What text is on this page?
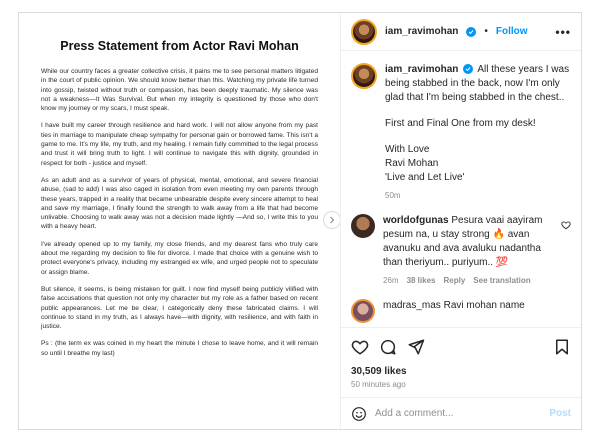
Press Statement from Actor Ravi Mohan

While our country faces a greater collective crisis, it pains me to see personal matters litigated in the court of public opinion. We should know better than this. Watching my private life turned into gossip, twisted without truth or compassion, has been deeply traumatic. My silence was not a weakness—It Was Survival. But when my integrity is questioned by those who don't know my journey or my scars, I must speak.

I have built my career through resilience and hard work. I will not allow anyone from my past ties in marriage to manipulate cheap sympathy for personal gain or borrowed fame. This isn't a game to me. It's my life, my truth, and my healing. I remain fully committed to the legal process and trust it will bring truth to light. I will continue to navigate this with dignity, grounded in respect for both - justice and myself.

As an adult and as a survivor of years of physical, mental, emotional, and severe financial abuse, (sad to add) I was also caged in isolation from even meeting my own parents through these years, trapped in a reality that became unbearable despite every sincere attempt to heal and save my marriage, I finally found the strength to walk away from a life that had become unlivable. Choosing to walk away was not a decision made lightly —And so, I write this to you with a heavy heart.

I've already opened up to my family, my close friends, and my dearest fans who truly care about me regarding my decision to file for divorce. I made that choice with a genuine wish to protect everyone's privacy, including my estranged ex wife, and urged people not to speculate or assign blame.

But silence, it seems, is being mistaken for guilt. I now find myself being publicly vilified with false accusations that question not only my character but my role as a father based on recent public appearances. Let me be clear, I categorically deny these fabricated claims. I will continue to stand in my truth, as I always have—with dignity, with resilience, and with faith in justice.

Ps : (the term ex was coined in my heart the minute I chose to leave home, and it will remain so until I breathe my last)

iam_ravimohan	• Follow •••
iam_ravimohan All these years I was being stabbed in the back, now I'm only glad that I'm being stabbed in the chest..
First and Final One from my desk!
With Love
Ravi Mohan
'Live and Let Live'
50m
worldofgunas Pesura vaai aayiram pesum na, u stay strong 🔥 avan avanuku and ava avaluku nadantha than theriyum.. puriyum.. 💯
26m 38 likes Reply See translation
madras_mas Ravi mohan name
30,509 likes
50 minutes ago
Add a comment...
Post
